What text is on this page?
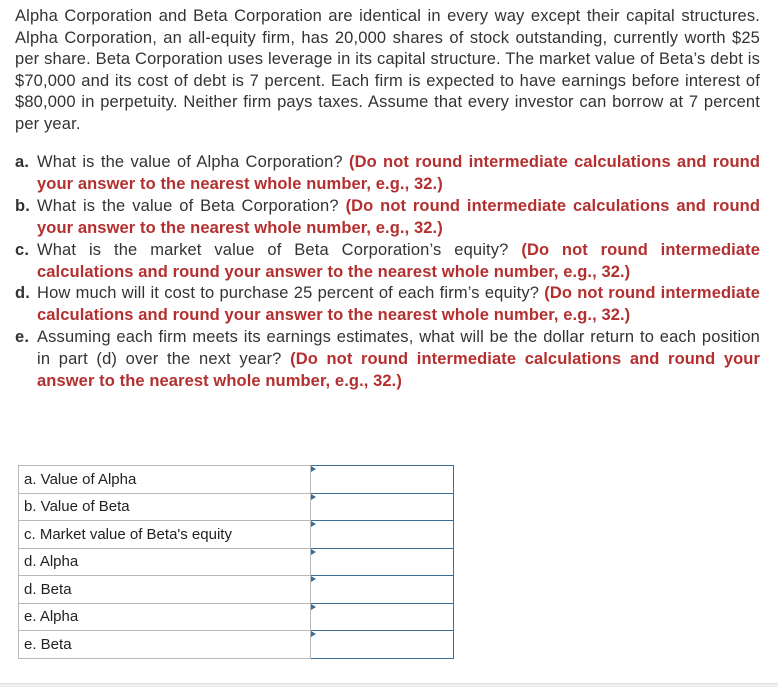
Alpha Corporation and Beta Corporation are identical in every way except their capital structures. Alpha Corporation, an all-equity firm, has 20,000 shares of stock outstanding, currently worth $25 per share. Beta Corporation uses leverage in its capital structure. The market value of Beta’s debt is $70,000 and its cost of debt is 7 percent. Each firm is expected to have earnings before interest of $80,000 in perpetuity. Neither firm pays taxes. Assume that every investor can borrow at 7 percent per year.

a. What is the value of Alpha Corporation? (Do not round intermediate calculations and round your answer to the nearest whole number, e.g., 32.)
b. What is the value of Beta Corporation? (Do not round intermediate calculations and round your answer to the nearest whole number, e.g., 32.)
c. What is the market value of Beta Corporation’s equity? (Do not round intermediate calculations and round your answer to the nearest whole number, e.g., 32.)
d. How much will it cost to purchase 25 percent of each firm’s equity? (Do not round intermediate calculations and round your answer to the nearest whole number, e.g., 32.)
e. Assuming each firm meets its earnings estimates, what will be the dollar return to each position in part (d) over the next year? (Do not round intermediate calculations and round your answer to the nearest whole number, e.g., 32.)
a. Value of Alpha	
b. Value of Beta	
c. Market value of Beta's equity	
d. Alpha	
d. Beta	
e. Alpha	
e. Beta	
